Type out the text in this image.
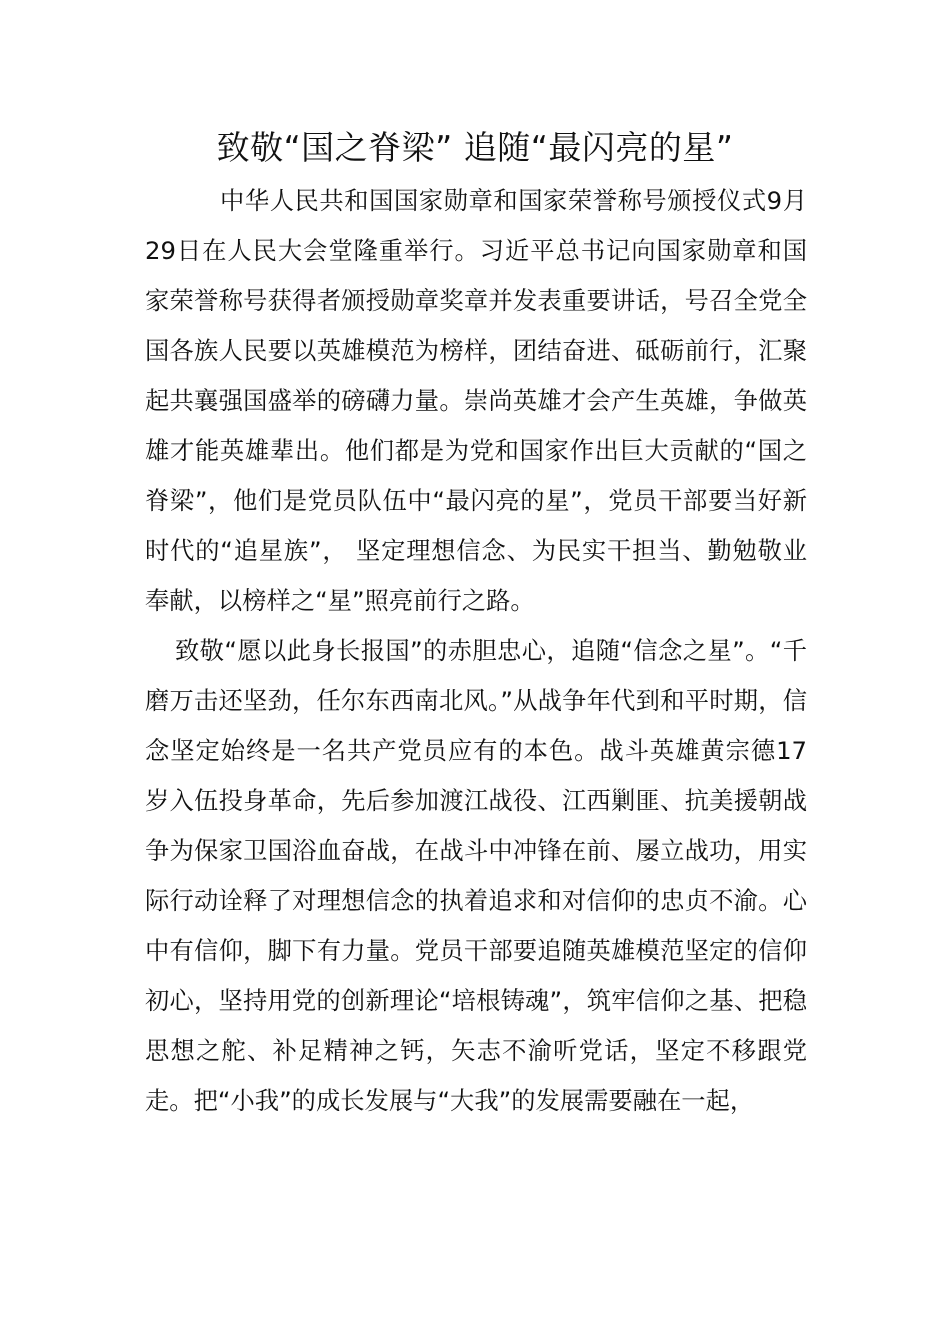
致敬“国之脊梁” 追随“最闪亮的星”

中华人民共和国国家勋章和国家荣誉称号颁授仪式9月29日在人民大会堂隆重举行。习近平总书记向国家勋章和国家荣誉称号获得者颁授勋章奖章并发表重要讲话，号召全党全国各族人民要以英雄模范为榜样，团结奋进、砥砺前行，汇聚起共襄强国盛举的磅礴力量。崇尚英雄才会产生英雄，争做英雄才能英雄辈出。他们都是为党和国家作出巨大贡献的“国之脊梁”，他们是党员队伍中“最闪亮的星”，党员干部要当好新时代的“追星族”， 坚定理想信念、为民实干担当、勤勉敬业奉献，以榜样之“星”照亮前行之路。

致敬“愿以此身长报国”的赤胆忠心，追随“信念之星”。“千磨万击还坚劲，任尔东西南北风。”从战争年代到和平时期，信念坚定始终是一名共产党员应有的本色。战斗英雄黄宗德17岁入伍投身革命，先后参加渡江战役、江西剿匪、抗美援朝战争为保家卫国浴血奋战，在战斗中冲锋在前、屡立战功，用实际行动诠释了对理想信念的执着追求和对信仰的忠贞不渝。心中有信仰，脚下有力量。党员干部要追随英雄模范坚定的信仰初心，坚持用党的创新理论“培根铸魂”，筑牢信仰之基、把稳思想之舵、补足精神之钙，矢志不渝听党话，坚定不移跟党走。把“小我”的成长发展与“大我”的发展需要融在一起，
